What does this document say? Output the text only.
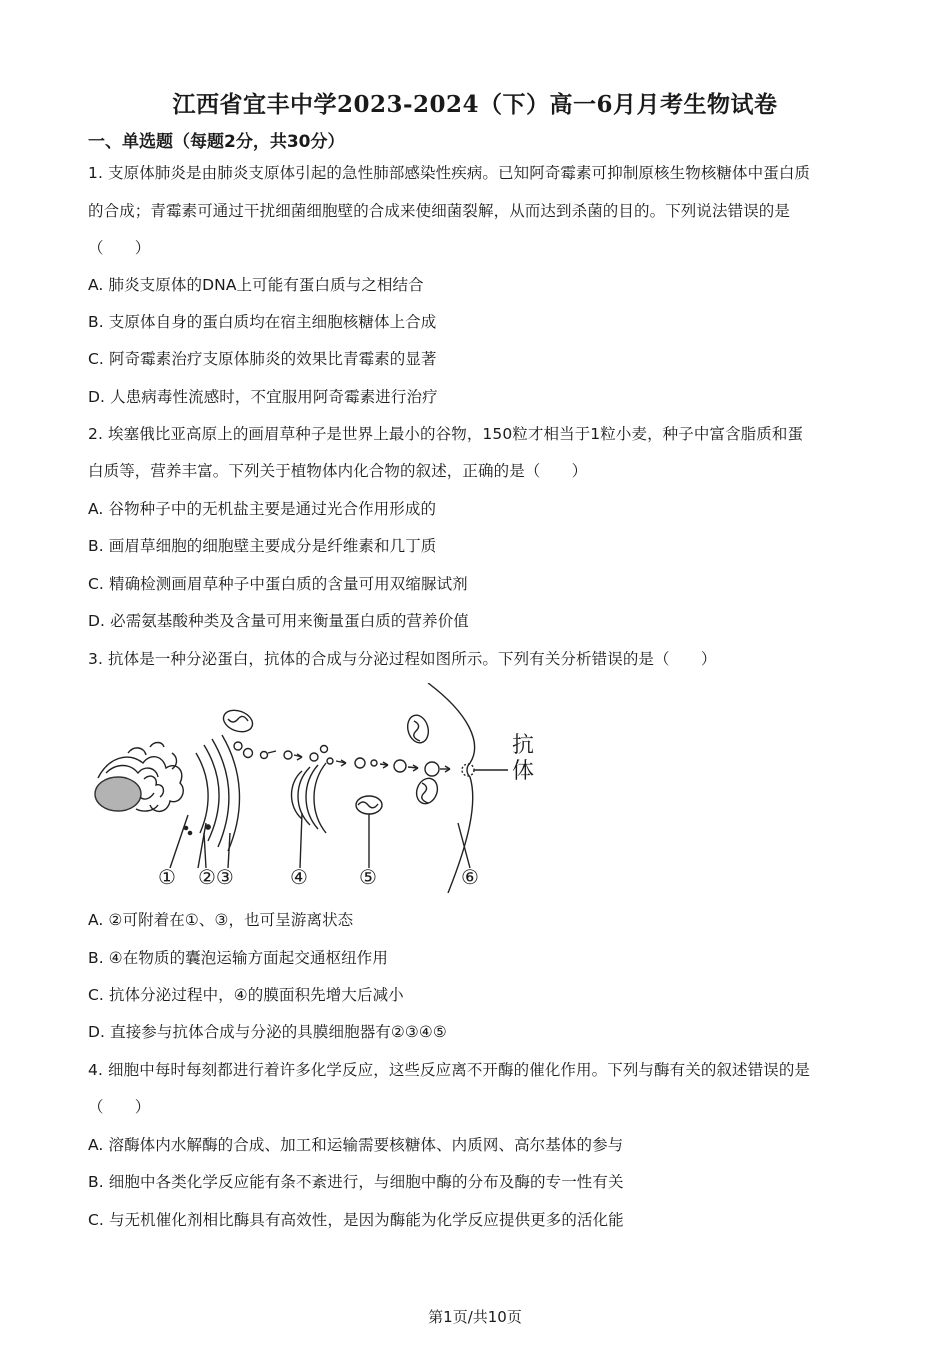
江西省宜丰中学2023-2024（下）高一6月月考生物试卷
一、单选题（每题2分，共30分）
1. 支原体肺炎是由肺炎支原体引起的急性肺部感染性疾病。已知阿奇霉素可抑制原核生物核糖体中蛋白质
的合成；青霉素可通过干扰细菌细胞壁的合成来使细菌裂解，从而达到杀菌的目的。下列说法错误的是
（　　）
A. 肺炎支原体的DNA上可能有蛋白质与之相结合
B. 支原体自身的蛋白质均在宿主细胞核糖体上合成
C. 阿奇霉素治疗支原体肺炎的效果比青霉素的显著
D. 人患病毒性流感时，不宜服用阿奇霉素进行治疗
2. 埃塞俄比亚高原上的画眉草种子是世界上最小的谷物，150粒才相当于1粒小麦，种子中富含脂质和蛋
白质等，营养丰富。下列关于植物体内化合物的叙述，正确的是（　　）
A. 谷物种子中的无机盐主要是通过光合作用形成的
B. 画眉草细胞的细胞壁主要成分是纤维素和几丁质
C. 精确检测画眉草种子中蛋白质的含量可用双缩脲试剂
D. 必需氨基酸种类及含量可用来衡量蛋白质的营养价值
3. 抗体是一种分泌蛋白，抗体的合成与分泌过程如图所示。下列有关分析错误的是（　　）
抗
体
① ②③	④	⑤	⑥
A. ②可附着在①、③，也可呈游离状态
B. ④在物质的囊泡运输方面起交通枢纽作用
C. 抗体分泌过程中，④的膜面积先增大后减小
D. 直接参与抗体合成与分泌的具膜细胞器有②③④⑤
4. 细胞中每时每刻都进行着许多化学反应，这些反应离不开酶的催化作用。下列与酶有关的叙述错误的是
（　　）
A. 溶酶体内水解酶的合成、加工和运输需要核糖体、内质网、高尔基体的参与
B. 细胞中各类化学反应能有条不紊进行，与细胞中酶的分布及酶的专一性有关
C. 与无机催化剂相比酶具有高效性，是因为酶能为化学反应提供更多的活化能
第1页/共10页
